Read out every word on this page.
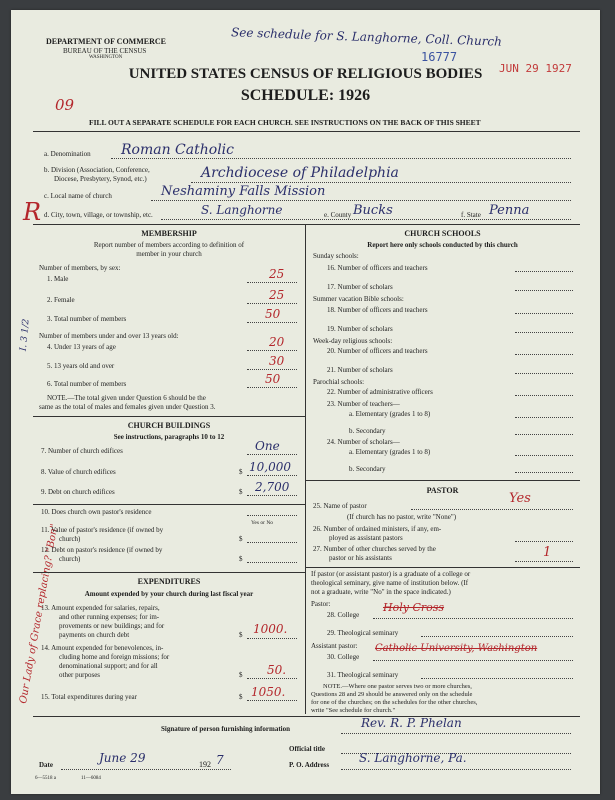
DEPARTMENT OF COMMERCE
BUREAU OF THE CENSUS
WASHINGTON
See schedule for S. Langhorne, Coll. Church
16777
JUN 29 1927
UNITED STATES CENSUS OF RELIGIOUS BODIES
SCHEDULE: 1926
09
FILL OUT A SEPARATE SCHEDULE FOR EACH CHURCH. SEE INSTRUCTIONS ON THE BACK OF THIS SHEET
R
a. Denomination Roman Catholic
b. Division (Association, Conference,
Diocese, Presbytery, Synod, etc.)	Archdiocese of Philadelphia
c. Local name of church	Neshaminy Falls Mission
d. City, town, village, or township, etc.	S. Langhorne	e. County Bucks	f. State Penna
Our Lady of Grace replacing? "Bon"
I. 3 1/2
MEMBERSHIP
Report number of members according to definition of
member in your church
Number of members, by sex:
1. Male	25
2. Female	25
3. Total number of members	50
Number of members under and over 13 years old:
4. Under 13 years of age	20
5. 13 years old and over	30
6. Total number of members	50
NOTE.—The total given under Question 6 should be the
same as the total of males and females given under Question 3.
CHURCH BUILDINGS
See instructions, paragraphs 10 to 12
7. Number of church edifices	One
8. Value of church edifices	$ 10,000
9. Debt on church edifices	$ 2,700
10. Does church own pastor's residence
Yes or No
11. Value of pastor's residence (if owned by
church)	$
12. Debt on pastor's residence (if owned by
church)	$
EXPENDITURES
Amount expended by your church during last fiscal year
13. Amount expended for salaries, repairs,
and other running expenses; for im-
provements or new buildings; and for
payments on church debt	$ 1000.
14. Amount expended for benevolences, in-
cluding home and foreign missions; for
denominational support; and for all
other purposes	$ 50.
15. Total expenditures during year	$ 1050.
CHURCH SCHOOLS
Report here only schools conducted by this church
Sunday schools:
16. Number of officers and teachers
17. Number of scholars
Summer vacation Bible schools:
18. Number of officers and teachers
19. Number of scholars
Week-day religious schools:
20. Number of officers and teachers
21. Number of scholars
Parochial schools:
22. Number of administrative officers
23. Number of teachers—
a. Elementary (grades 1 to 8)
b. Secondary
24. Number of scholars—
a. Elementary (grades 1 to 8)
b. Secondary
PASTOR
25. Name of pastor	Yes
(If church has no pastor, write "None")
26. Number of ordained ministers, if any, em-
ployed as assistant pastors
27. Number of other churches served by the
pastor or his assistants	1
If pastor (or assistant pastor) is a graduate of a college or
theological seminary, give name of institution below. (If
not a graduate, write "No" in the space indicated.)
Pastor:
28. College
Holy Cross
29. Theological seminary
Assistant pastor:
30. College
Catholic University, Washington
31. Theological seminary
NOTE.—Where one pastor serves two or more churches,
Questions 28 and 29 should be answered only on the schedule
for one of the churches; on the schedules for the other churches,
write "See schedule for church."
Signature of person furnishing information	Rev. R. P. Phelan
Official title
Date	June 29	192 7	P. O. Address S. Langhorne, Pa.
6—5518 a	11—6084
